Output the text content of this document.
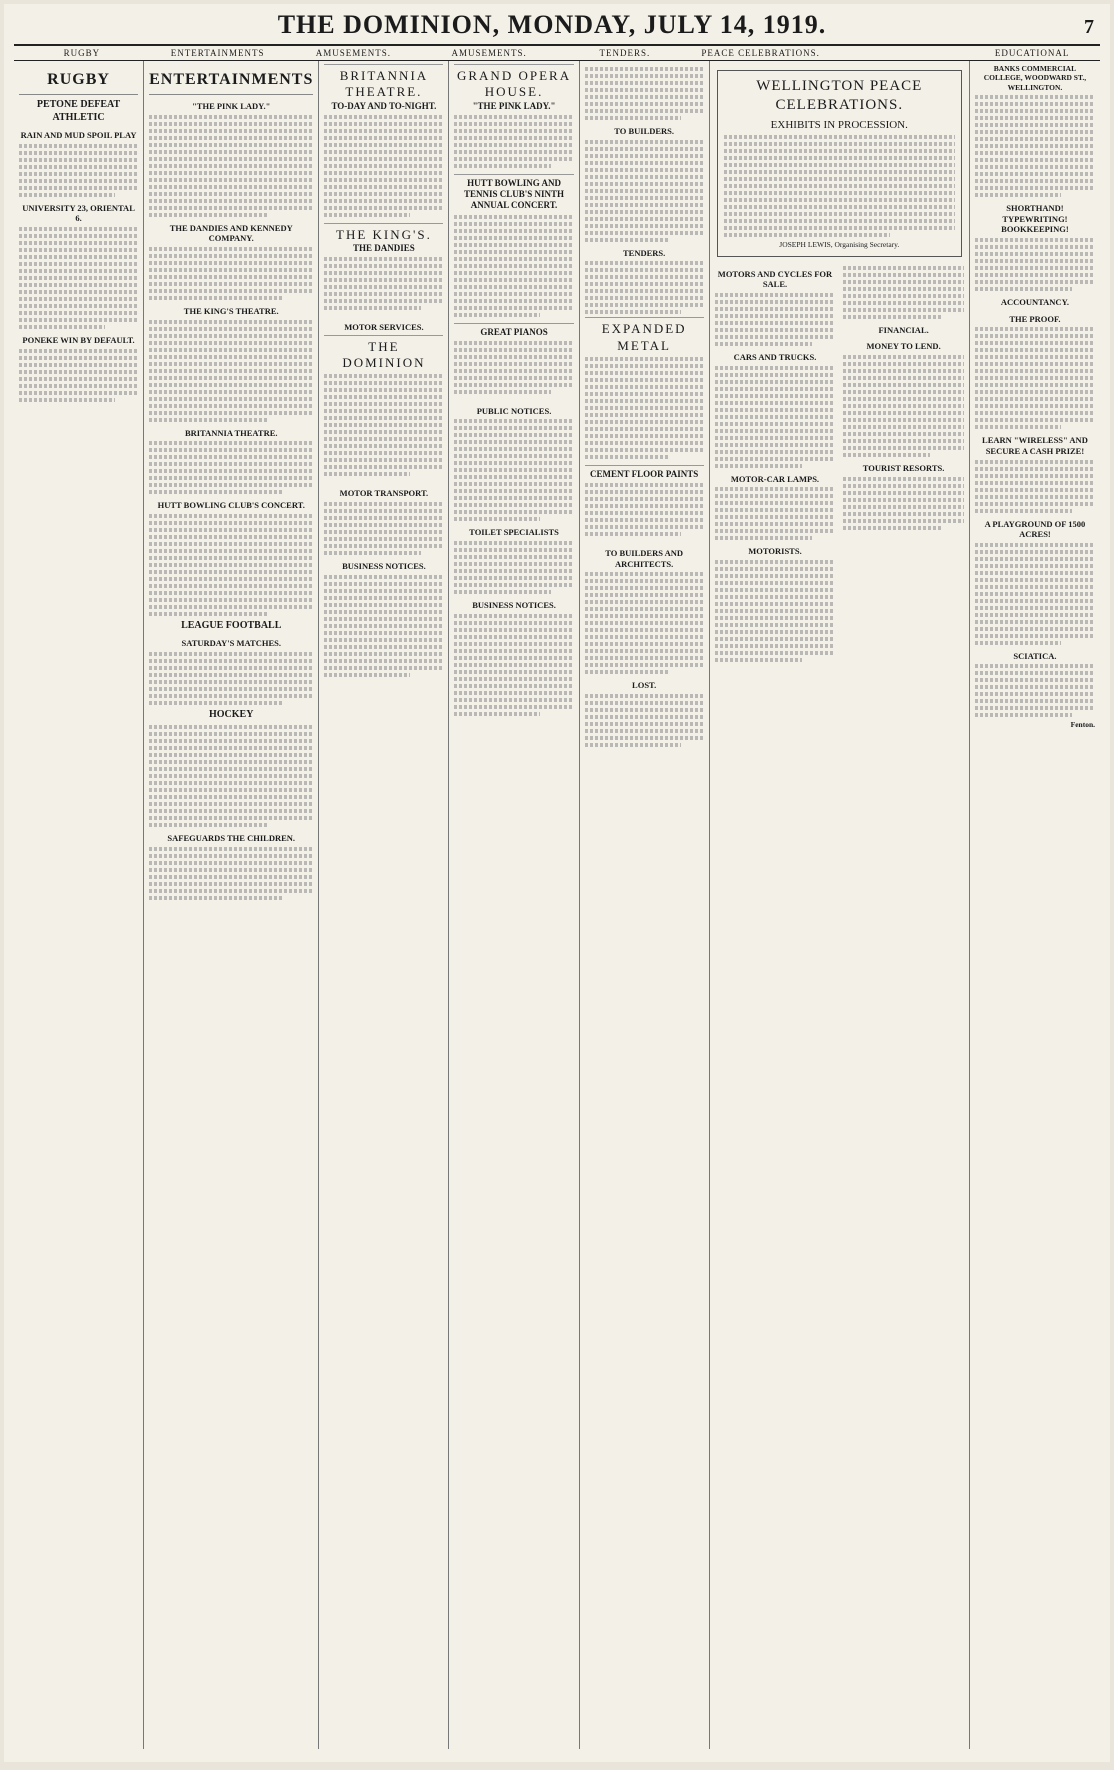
THE DOMINION, MONDAY, JULY 14, 1919.	7
RUGBY	ENTERTAINMENTS	AMUSEMENTS.	AMUSEMENTS.	TENDERS.	PEACE CELEBRATIONS.	EDUCATIONAL
RUGBY
PETONE DEFEAT ATHLETIC
RAIN AND MUD SPOIL PLAY
UNIVERSITY 23, ORIENTAL 6.
PONEKE WIN BY DEFAULT.
ENTERTAINMENTS
"THE PINK LADY."
THE DANDIES AND KENNEDY COMPANY.
THE KING'S THEATRE.
BRITANNIA THEATRE.
HUTT BOWLING CLUB'S CONCERT.
LEAGUE FOOTBALL
SATURDAY'S MATCHES.
HOCKEY
SAFEGUARDS THE CHILDREN.
BRITANNIA THEATRE.
TO-DAY AND TO-NIGHT.
THE KING'S.
THE DANDIES
MOTOR SERVICES.
THE DOMINION
MOTOR TRANSPORT.
BUSINESS NOTICES.
GRAND OPERA HOUSE.
"THE PINK LADY."
HUTT BOWLING AND TENNIS CLUB'S NINTH ANNUAL CONCERT.
GREAT PIANOS
PUBLIC NOTICES.
TOILET SPECIALISTS
BUSINESS NOTICES.
TO BUILDERS.
TENDERS.
EXPANDED METAL
CEMENT FLOOR PAINTS
TO BUILDERS AND ARCHITECTS.
LOST.
WELLINGTON PEACE CELEBRATIONS.
EXHIBITS IN PROCESSION.
JOSEPH LEWIS, Organising Secretary.
MOTORS AND CYCLES FOR SALE.
CARS AND TRUCKS.
MOTOR-CAR LAMPS.
MOTORISTS.
FINANCIAL.
MONEY TO LEND.
TOURIST RESORTS.
BANKS COMMERCIAL COLLEGE, WOODWARD ST., WELLINGTON.
SHORTHAND! TYPEWRITING! BOOKKEEPING!
ACCOUNTANCY.
THE PROOF.
LEARN "WIRELESS" AND SECURE A CASH PRIZE!
A PLAYGROUND OF 1500 ACRES!
SCIATICA.
Fenton.
